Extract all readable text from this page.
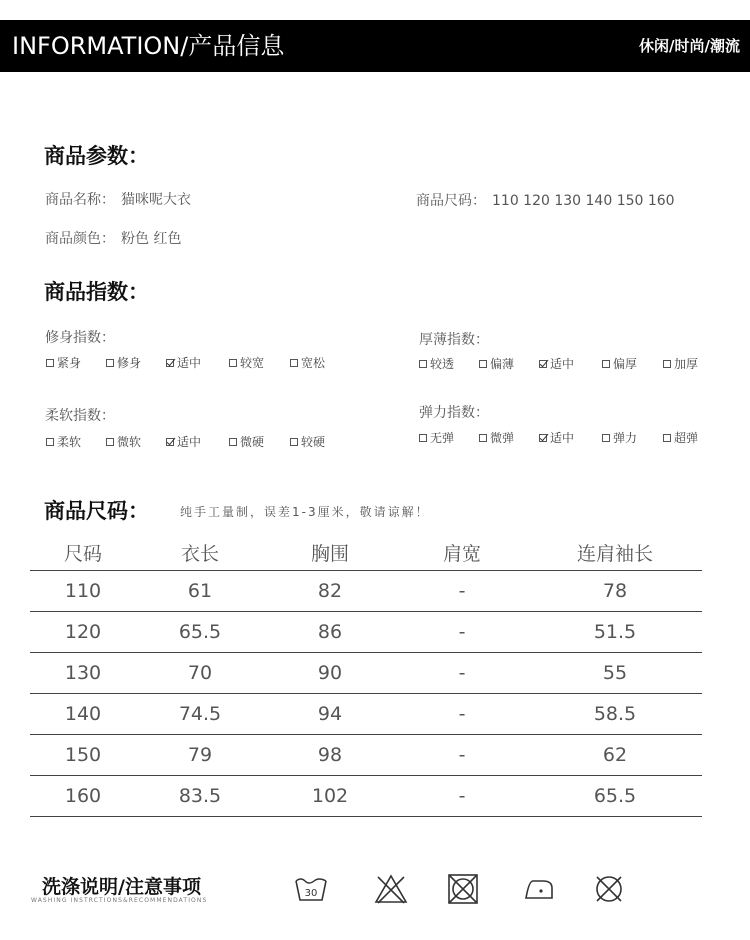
INFORMATION/产品信息	休闲/时尚/潮流
商品参数：
商品名称： 猫咪呢大衣	商品尺码： 110 120 130 140 150 160
商品颜色： 粉色 红色
商品指数：
修身指数：
紧身	修身	适中	较宽	宽松
厚薄指数：
较透	偏薄	适中	偏厚	加厚
柔软指数：
柔软	微软	适中	微硬	较硬
弹力指数：
无弹	微弹	适中	弹力	超弹
商品尺码：	纯手工量制，误差1-3厘米，敬请谅解！
尺码	衣长	胸围	肩宽	连肩袖长
110	61	82	-	78
120	65.5	86	-	51.5
130	70	90	-	55
140	74.5	94	-	58.5
150	79	98	-	62
160	83.5	102	-	65.5
洗涤说明/注意事项
WASHING INSTRCTIONS&RECOMMENDATIONS
30
